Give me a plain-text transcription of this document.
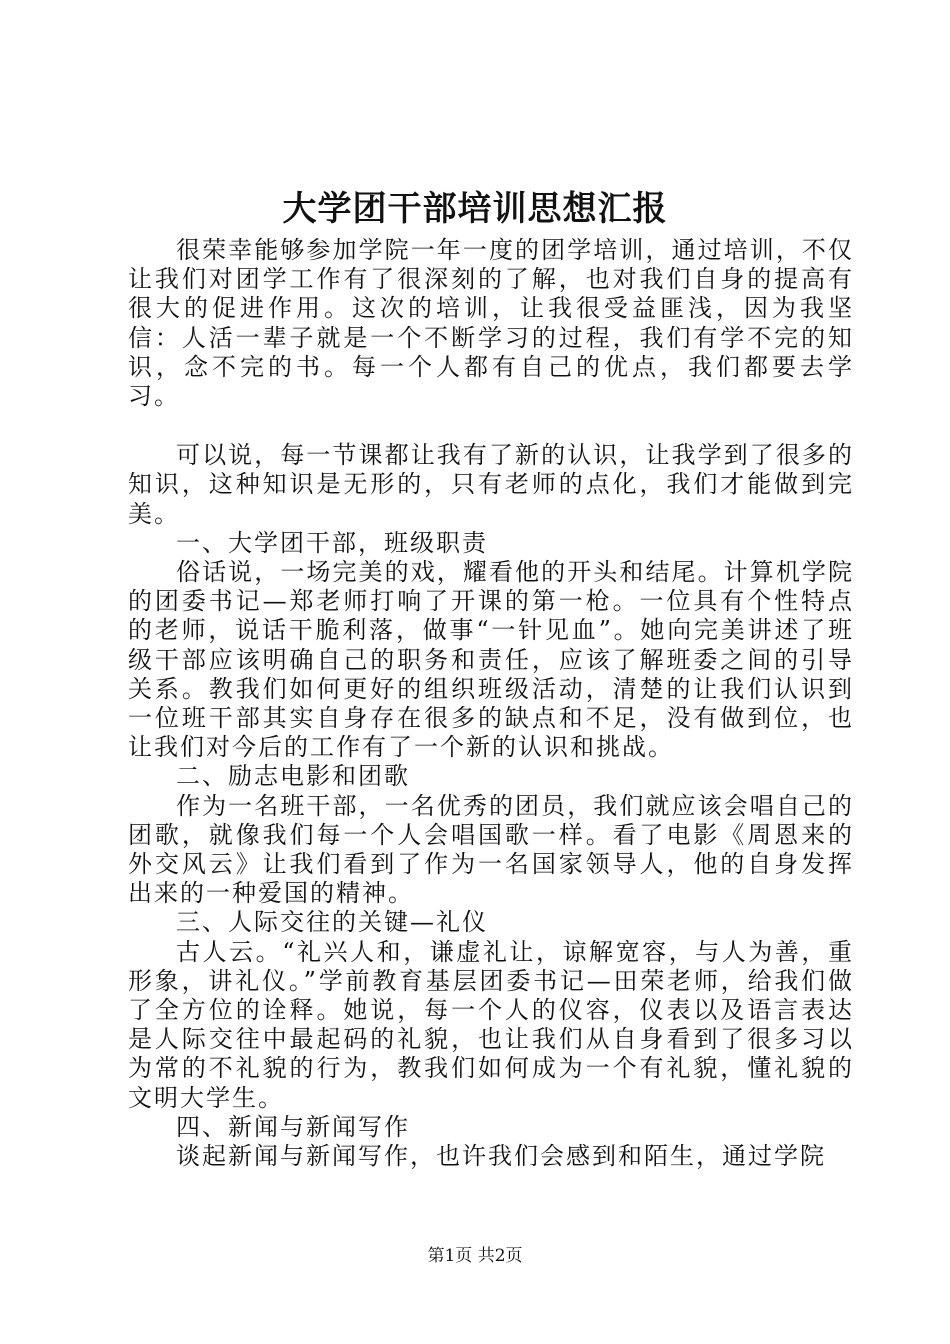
大学团干部培训思想汇报

很荣幸能够参加学院一年一度的团学培训，通过培训，不仅让我们对团学工作有了很深刻的了解，也对我们自身的提高有很大的促进作用。这次的培训，让我很受益匪浅，因为我坚信：人活一辈子就是一个不断学习的过程，我们有学不完的知识，念不完的书。每一个人都有自己的优点，我们都要去学习。

可以说，每一节课都让我有了新的认识，让我学到了很多的知识，这种知识是无形的，只有老师的点化，我们才能做到完美。

一、大学团干部，班级职责

俗话说，一场完美的戏，耀看他的开头和结尾。计算机学院的团委书记—郑老师打响了开课的第一枪。一位具有个性特点的老师，说话干脆利落，做事“一针见血”。她向完美讲述了班级干部应该明确自己的职务和责任，应该了解班委之间的引导关系。教我们如何更好的组织班级活动，清楚的让我们认识到一位班干部其实自身存在很多的缺点和不足，没有做到位，也让我们对今后的工作有了一个新的认识和挑战。

二、励志电影和团歌

作为一名班干部，一名优秀的团员，我们就应该会唱自己的团歌，就像我们每一个人会唱国歌一样。看了电影《周恩来的外交风云》让我们看到了作为一名国家领导人，他的自身发挥出来的一种爱国的精神。

三、人际交往的关键—礼仪

古人云。“礼兴人和，谦虚礼让，谅解宽容，与人为善，重形象，讲礼仪。”学前教育基层团委书记—田荣老师，给我们做了全方位的诠释。她说，每一个人的仪容，仪表以及语言表达是人际交往中最起码的礼貌，也让我们从自身看到了很多习以为常的不礼貌的行为，教我们如何成为一个有礼貌，懂礼貌的文明大学生。

四、新闻与新闻写作

谈起新闻与新闻写作，也许我们会感到和陌生，通过学院

第1页 共2页
